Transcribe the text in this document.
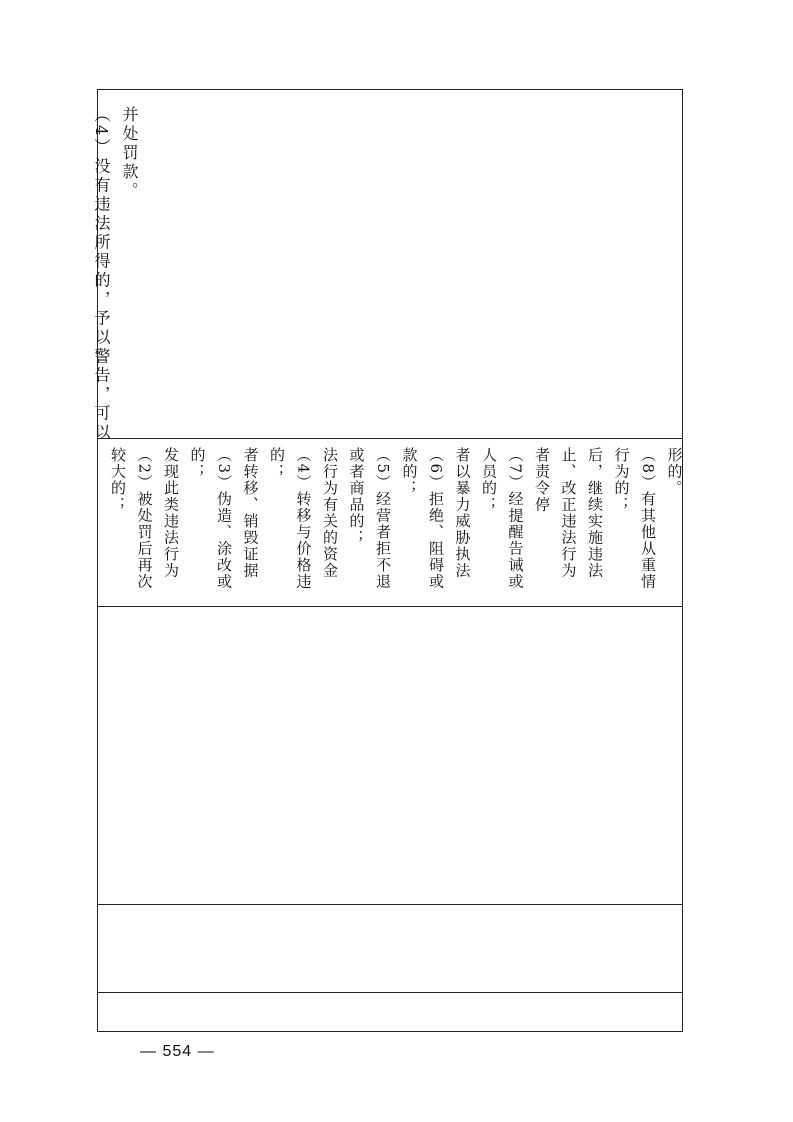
（4）没有违法所得的，予以警告，可以 并处罚款。
较大的； （2）被处罚后再次 发现此类违法行为 的； （3）伪造、涂改或 者转移、销毁证据 的； （4）转移与价格违 法行为有关的资金 或者商品的； （5）经营者拒不退 款的； （6）拒绝、阻碍或 者以暴力威胁执法 人员的； （7）经提醒告诫或 者责令停 止、改正违法行为 后，继续实施违法 行为的； （8）有其他从重情 形的。
— 554 —
